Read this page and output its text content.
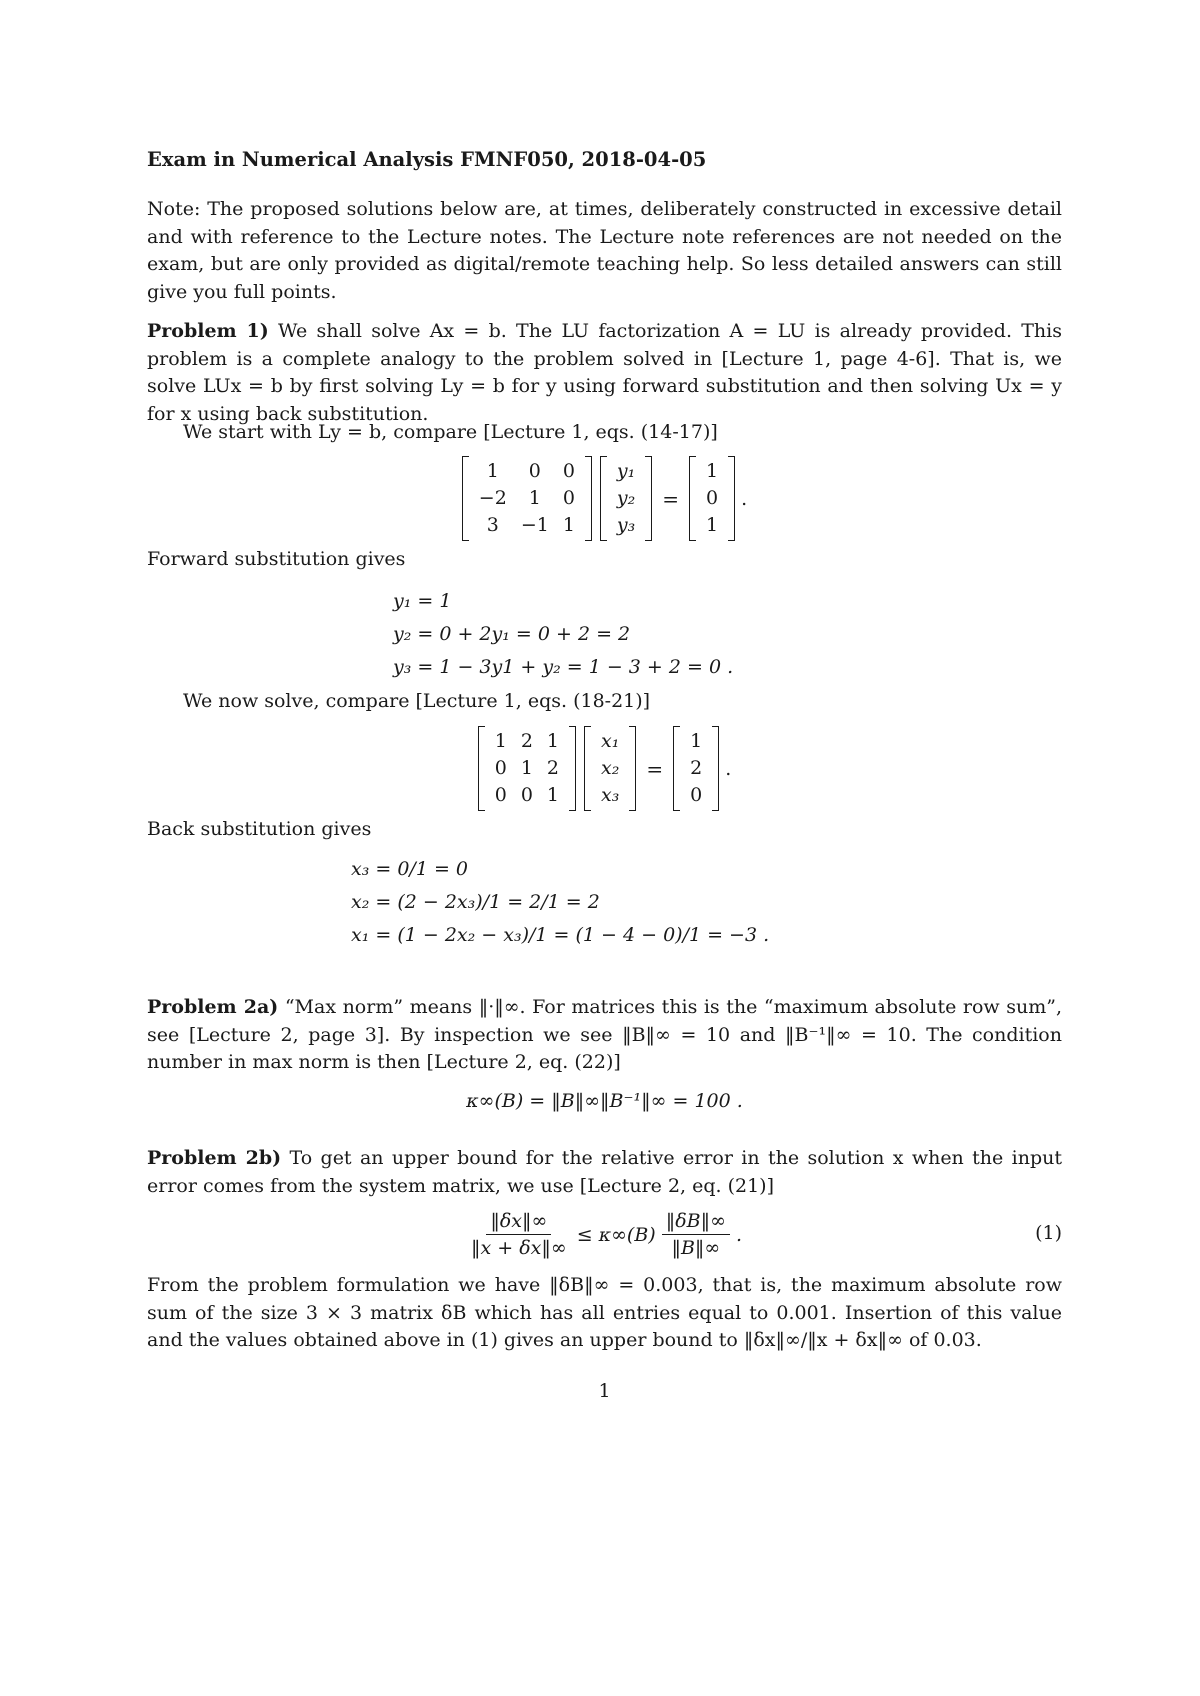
Exam in Numerical Analysis FMNF050, 2018-04-05

Note: The proposed solutions below are, at times, deliberately constructed in excessive detail and with reference to the Lecture notes. The Lecture note references are not needed on the exam, but are only provided as digital/remote teaching help. So less detailed answers can still give you full points.

Problem 1) We shall solve Ax = b. The LU factorization A = LU is already provided. This problem is a complete analogy to the problem solved in [Lecture 1, page 4-6]. That is, we solve LUx = b by first solving Ly = b for y using forward substitution and then solving Ux = y for x using back substitution.

We start with Ly = b, compare [Lecture 1, eqs. (14-17)]

1	0	0
−2	1	0
3	−1	1
y₁
y₂
y₃
=
1
0
1
.

Forward substitution gives

y₁ = 1
y₂ = 0 + 2y₁ = 0 + 2 = 2
y₃ = 1 − 3y1 + y₂ = 1 − 3 + 2 = 0 .

We now solve, compare [Lecture 1, eqs. (18-21)]

1	2	1
0	1	2
0	0	1
x₁
x₂
x₃
=
1
2
0
.

Back substitution gives

x₃ = 0/1 = 0
x₂ = (2 − 2x₃)/1 = 2/1 = 2
x₁ = (1 − 2x₂ − x₃)/1 = (1 − 4 − 0)/1 = −3 .

Problem 2a) “Max norm” means ‖·‖∞. For matrices this is the “maximum absolute row sum”, see [Lecture 2, page 3]. By inspection we see ‖B‖∞ = 10 and ‖B⁻¹‖∞ = 10. The condition number in max norm is then [Lecture 2, eq. (22)]

κ∞(B) = ‖B‖∞‖B⁻¹‖∞ = 100 .

Problem 2b) To get an upper bound for the relative error in the solution x when the input error comes from the system matrix, we use [Lecture 2, eq. (21)]

$\frac{‖\delta x‖\infty}{‖x + \delta x‖\infty} \le \kappa\infty(B) \frac{‖\delta B‖\infty}{‖B‖\infty}$ .	(1)

From the problem formulation we have ‖δB‖∞ = 0.003, that is, the maximum absolute row sum of the size 3 × 3 matrix δB which has all entries equal to 0.001. Insertion of this value and the values obtained above in (1) gives an upper bound to ‖δx‖∞/‖x + δx‖∞ of 0.03.

1
